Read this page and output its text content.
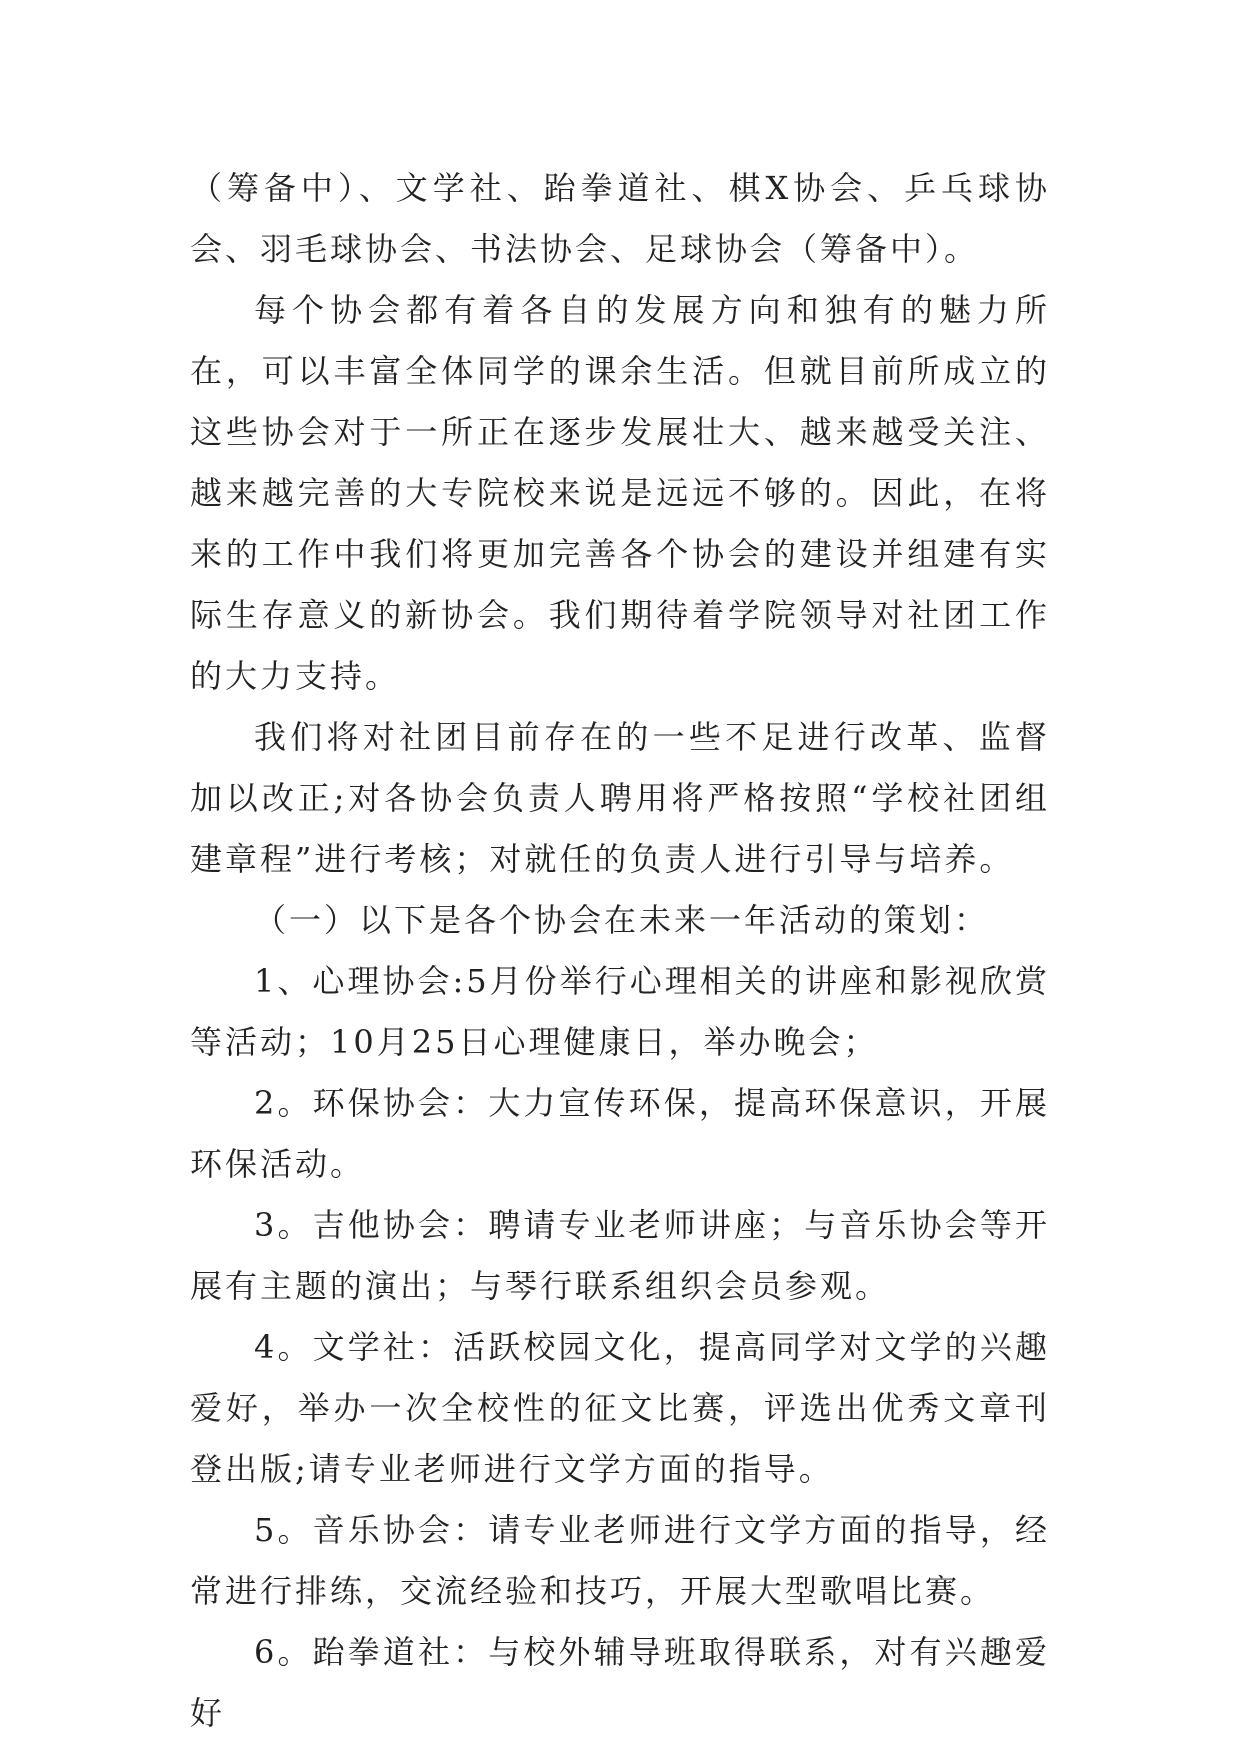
（筹备中）、文学社、跆拳道社、棋X协会、乒乓球协会、羽毛球协会、书法协会、足球协会（筹备中）。

每个协会都有着各自的发展方向和独有的魅力所在，可以丰富全体同学的课余生活。但就目前所成立的这些协会对于一所正在逐步发展壮大、越来越受关注、越来越完善的大专院校来说是远远不够的。因此，在将来的工作中我们将更加完善各个协会的建设并组建有实际生存意义的新协会。我们期待着学院领导对社团工作的大力支持。

我们将对社团目前存在的一些不足进行改革、监督加以改正;对各协会负责人聘用将严格按照“学校社团组建章程”进行考核；对就任的负责人进行引导与培养。

（一）以下是各个协会在未来一年活动的策划：

1、心理协会:5月份举行心理相关的讲座和影视欣赏等活动；10月25日心理健康日，举办晚会；

2。环保协会：大力宣传环保，提高环保意识，开展环保活动。

3。吉他协会：聘请专业老师讲座；与音乐协会等开展有主题的演出；与琴行联系组织会员参观。

4。文学社：活跃校园文化，提高同学对文学的兴趣爱好，举办一次全校性的征文比赛，评选出优秀文章刊登出版;请专业老师进行文学方面的指导。

5。音乐协会：请专业老师进行文学方面的指导，经常进行排练，交流经验和技巧，开展大型歌唱比赛。

6。跆拳道社：与校外辅导班取得联系，对有兴趣爱好
